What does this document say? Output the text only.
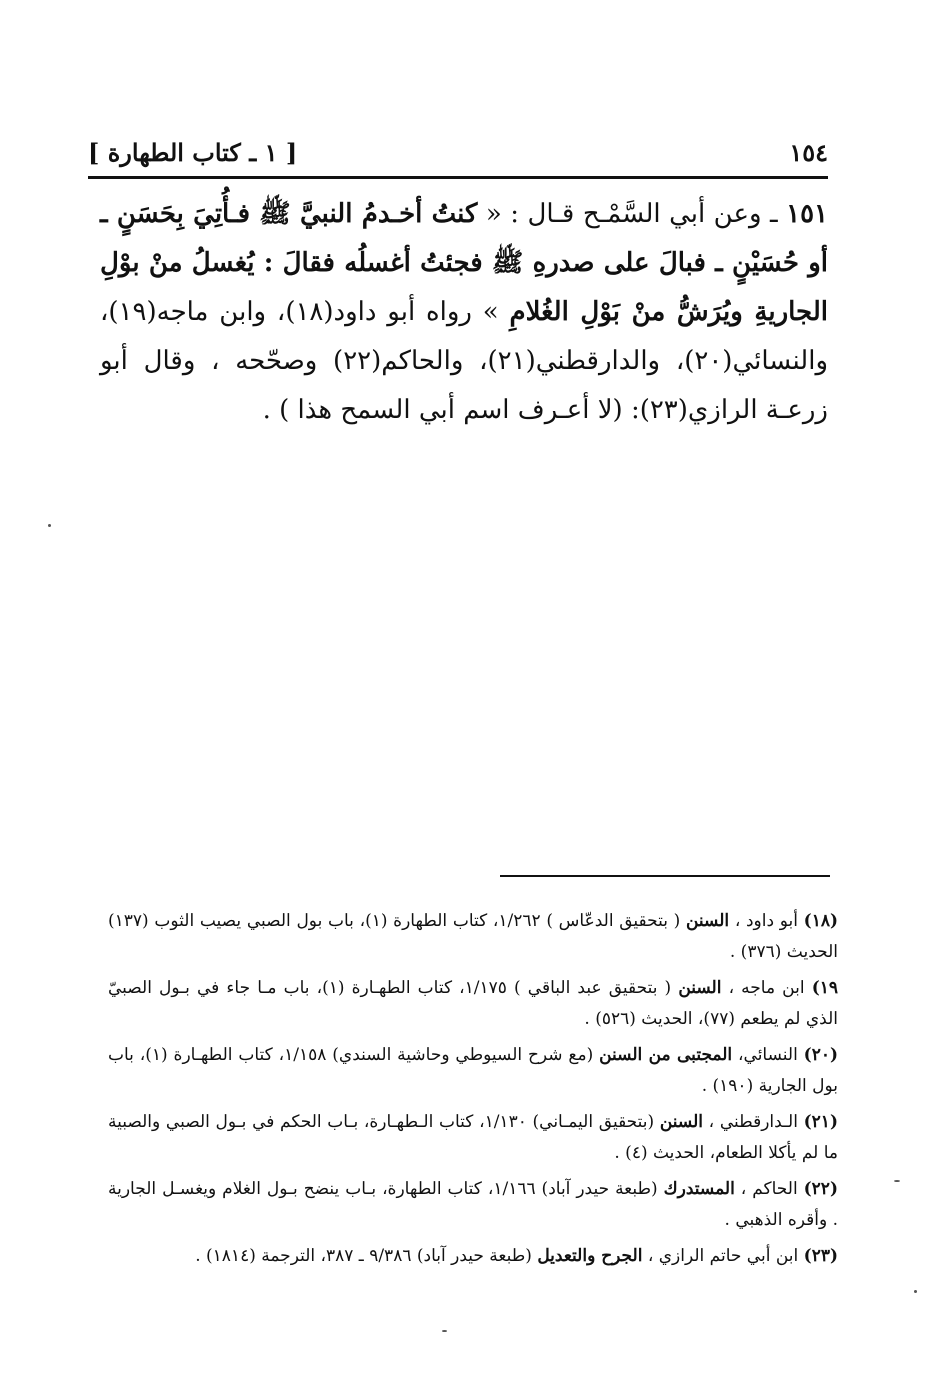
١٥٤
[ ١ ـ كتاب الطهارة ]
١٥١ ـ وعن أبي السَّمْـح قـال : « كنتُ أخـدمُ النبيَّ ﷺ فـأُتِيَ بِحَسَنٍ ـ أو حُسَيْنٍ ـ فبالَ على صدرهِ ﷺ فجئتُ أغسلُه فقالَ : يُغسلُ منْ بوْلِ الجاريةِ ويُرَشُّ منْ بَوْلِ الغُلامِ » رواه أبو داود(١٨)، وابن ماجه(١٩)، والنسائي(٢٠)، والدارقطني(٢١)، والحاكم(٢٢) وصحّحه ، وقال أبو زرعـة الرازي(٢٣): (لا أعـرف اسم أبي السمح هذا ) .

(١٨) أبو داود ، السنن ( بتحقيق الدعّاس ) ١/٢٦٢، كتاب الطهارة (١)، باب بول الصبي يصيب الثوب (١٣٧) الحديث (٣٧٦) .

١٩) ابن ماجه ، السنن ( بتحقيق عبد الباقي ) ١/١٧٥، كتاب الطهـارة (١)، باب مـا جاء في بـول الصبيّ الذي لم يطعم (٧٧)، الحديث (٥٢٦) .

(٢٠) النسائي، المجتبى من السنن (مع شرح السيوطي وحاشية السندي) ١/١٥٨، كتاب الطهـارة (١)، باب بول الجارية (١٩٠) .

(٢١) الـدارقطني ، السنن (بتحقيق اليمـاني) ١/١٣٠، كتاب الـطهـارة، بـاب الحكم في بـول الصبي والصبية ما لم يأكلا الطعام، الحديث (٤) .

(٢٢) الحاكم ، المستدرك (طبعة حيدر آباد) ١/١٦٦، كتاب الطهارة، بـاب ينضح بـول الغلام ويغسـل الجارية . وأقره الذهبي .

(٢٣) ابن أبي حاتم الرازي ، الجرح والتعديل (طبعة حيدر آباد) ٩/٣٨٦ ـ ٣٨٧، الترجمة (١٨١٤) .
